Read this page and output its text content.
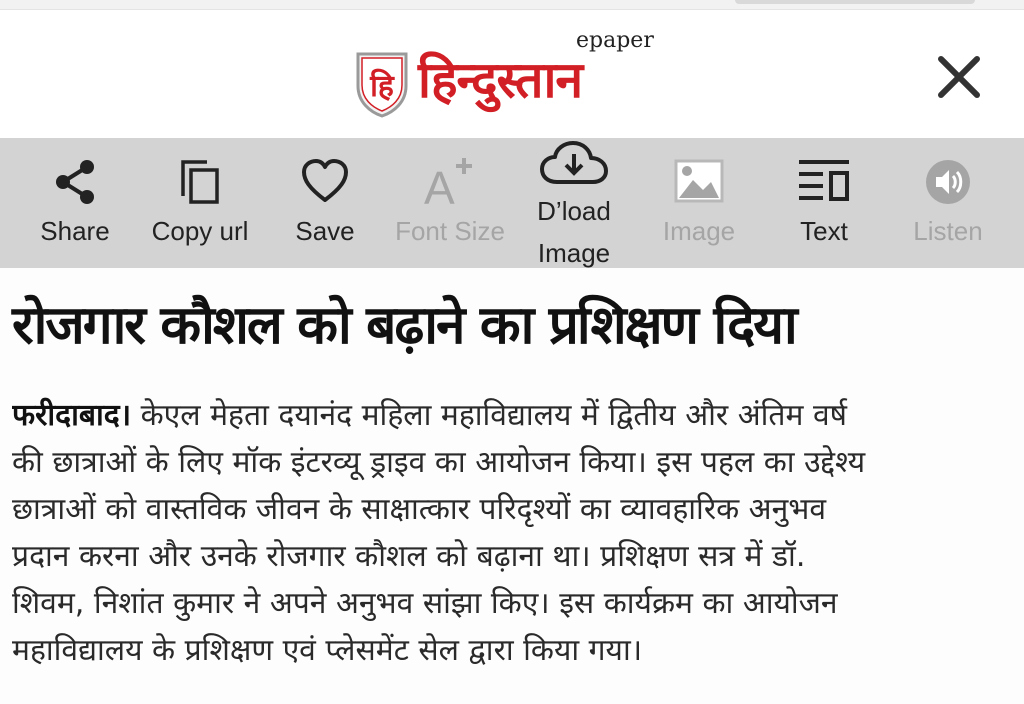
हि
epaper
हिन्दुस्तान
Share	Copy url	Save
A
Font Size
D’load
Image
Image	Text	Listen
रोजगार कौशल को बढ़ाने का प्रशिक्षण दिया
फरीदाबाद। केएल मेहता दयानंद महिला महाविद्यालय में द्वितीय और अंतिम वर्ष
की छात्राओं के लिए मॉक इंटरव्यू ड्राइव का आयोजन किया। इस पहल का उद्देश्य
छात्राओं को वास्तविक जीवन के साक्षात्कार परिदृश्यों का व्यावहारिक अनुभव
प्रदान करना और उनके रोजगार कौशल को बढ़ाना था। प्रशिक्षण सत्र में डॉ.
शिवम, निशांत कुमार ने अपने अनुभव सांझा किए। इस कार्यक्रम का आयोजन
महाविद्यालय के प्रशिक्षण एवं प्लेसमेंट सेल द्वारा किया गया।
